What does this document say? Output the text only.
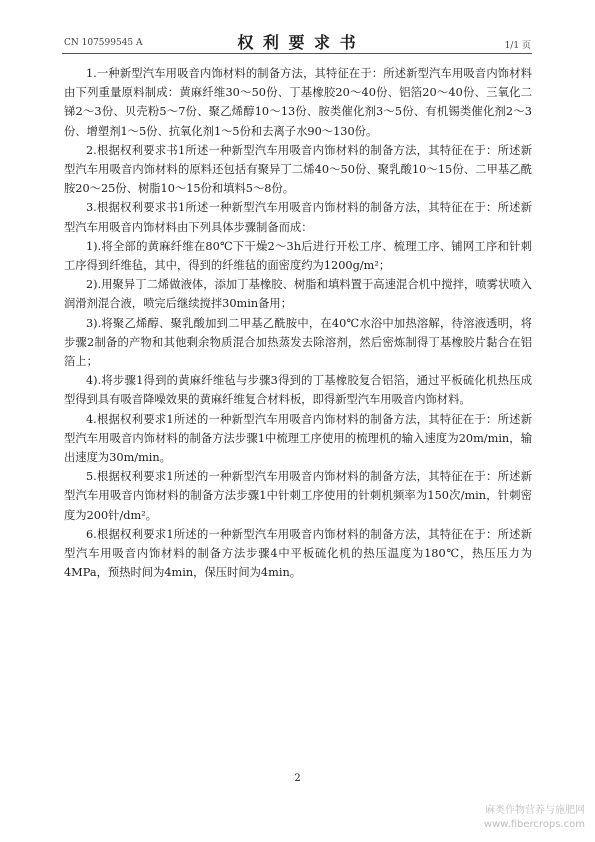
CN 107599545 A	权 利 要 求 书	1/1 页

1.一种新型汽车用吸音内饰材料的制备方法，其特征在于：所述新型汽车用吸音内饰材料由下列重量原料制成：黄麻纤维30～50份、丁基橡胶20～40份、铝箔20～40份、三氧化二锑2～3份、贝壳粉5～7份、聚乙烯醇10～13份、胺类催化剂3～5份、有机锡类催化剂2～3份、增塑剂1～5份、抗氧化剂1～5份和去离子水90～130份。

2.根据权利要求书1所述一种新型汽车用吸音内饰材料的制备方法，其特征在于：所述新型汽车用吸音内饰材料的原料还包括有聚异丁二烯40～50份、聚乳酸10～15份、二甲基乙酰胺20～25份、树脂10～15份和填料5～8份。

3.根据权利要求书1所述一种新型汽车用吸音内饰材料的制备方法，其特征在于：所述新型汽车用吸音内饰材料由下列具体步骤制备而成：

1).将全部的黄麻纤维在80℃下干燥2～3h后进行开松工序、梳理工序、铺网工序和针刺工序得到纤维毡，其中，得到的纤维毡的面密度约为1200g/m²；

2).用聚异丁二烯做液体，添加丁基橡胶、树脂和填料置于高速混合机中搅拌，喷雾状喷入润滑剂混合液，喷完后继续搅拌30min备用；

3).将聚乙烯醇、聚乳酸加到二甲基乙酰胺中，在40℃水浴中加热溶解，待溶液透明，将步骤2制备的产物和其他剩余物质混合加热蒸发去除溶剂，然后密炼制得丁基橡胶片黏合在铝箔上；

4).将步骤1得到的黄麻纤维毡与步骤3得到的丁基橡胶复合铝箔，通过平板硫化机热压成型得到具有吸音降噪效果的黄麻纤维复合材料板，即得新型汽车用吸音内饰材料。

4.根据权利要求1所述的一种新型汽车用吸音内饰材料的制备方法，其特征在于：所述新型汽车用吸音内饰材料的制备方法步骤1中梳理工序使用的梳理机的输入速度为20m/min，输出速度为30m/min。

5.根据权利要求1所述的一种新型汽车用吸音内饰材料的制备方法，其特征在于：所述新型汽车用吸音内饰材料的制备方法步骤1中针刺工序使用的针刺机频率为150次/min，针刺密度为200针/dm²。

6.根据权利要求1所述的一种新型汽车用吸音内饰材料的制备方法，其特征在于：所述新型汽车用吸音内饰材料的制备方法步骤4中平板硫化机的热压温度为180℃，热压压力为4MPa，预热时间为4min，保压时间为4min。

2
麻类作物营养与施肥网
www.fibercrops.com
